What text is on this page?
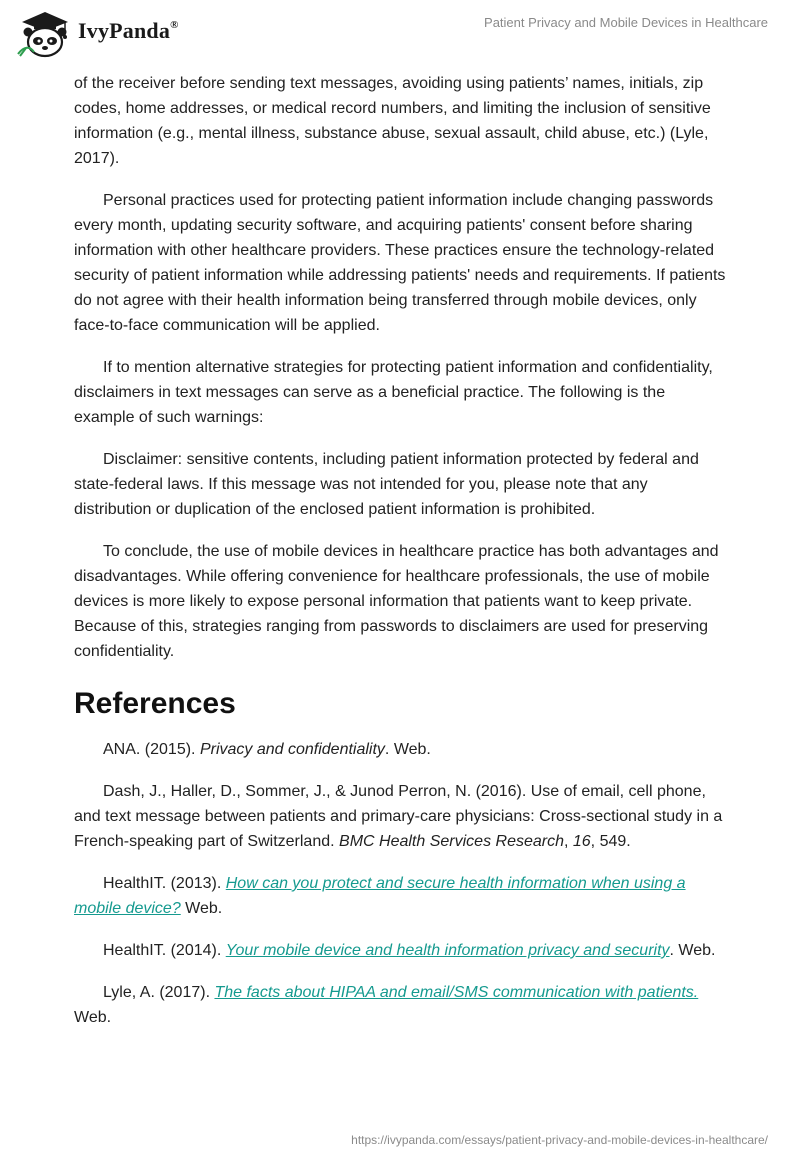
IvyPanda®	Patient Privacy and Mobile Devices in Healthcare

of the receiver before sending text messages, avoiding using patients’ names, initials, zip codes, home addresses, or medical record numbers, and limiting the inclusion of sensitive information (e.g., mental illness, substance abuse, sexual assault, child abuse, etc.) (Lyle, 2017).

Personal practices used for protecting patient information include changing passwords every month, updating security software, and acquiring patients' consent before sharing information with other healthcare providers. These practices ensure the technology-related security of patient information while addressing patients' needs and requirements. If patients do not agree with their health information being transferred through mobile devices, only face-to-face communication will be applied.

If to mention alternative strategies for protecting patient information and confidentiality, disclaimers in text messages can serve as a beneficial practice. The following is the example of such warnings:

Disclaimer: sensitive contents, including patient information protected by federal and state-federal laws. If this message was not intended for you, please note that any distribution or duplication of the enclosed patient information is prohibited.

To conclude, the use of mobile devices in healthcare practice has both advantages and disadvantages. While offering convenience for healthcare professionals, the use of mobile devices is more likely to expose personal information that patients want to keep private. Because of this, strategies ranging from passwords to disclaimers are used for preserving confidentiality.

References

ANA. (2015). Privacy and confidentiality. Web.

Dash, J., Haller, D., Sommer, J., & Junod Perron, N. (2016). Use of email, cell phone, and text message between patients and primary-care physicians: Cross-sectional study in a French-speaking part of Switzerland. BMC Health Services Research, 16, 549.

HealthIT. (2013). How can you protect and secure health information when using a mobile device? Web.

HealthIT. (2014). Your mobile device and health information privacy and security. Web.

Lyle, A. (2017). The facts about HIPAA and email/SMS communication with patients. Web.

https://ivypanda.com/essays/patient-privacy-and-mobile-devices-in-healthcare/
